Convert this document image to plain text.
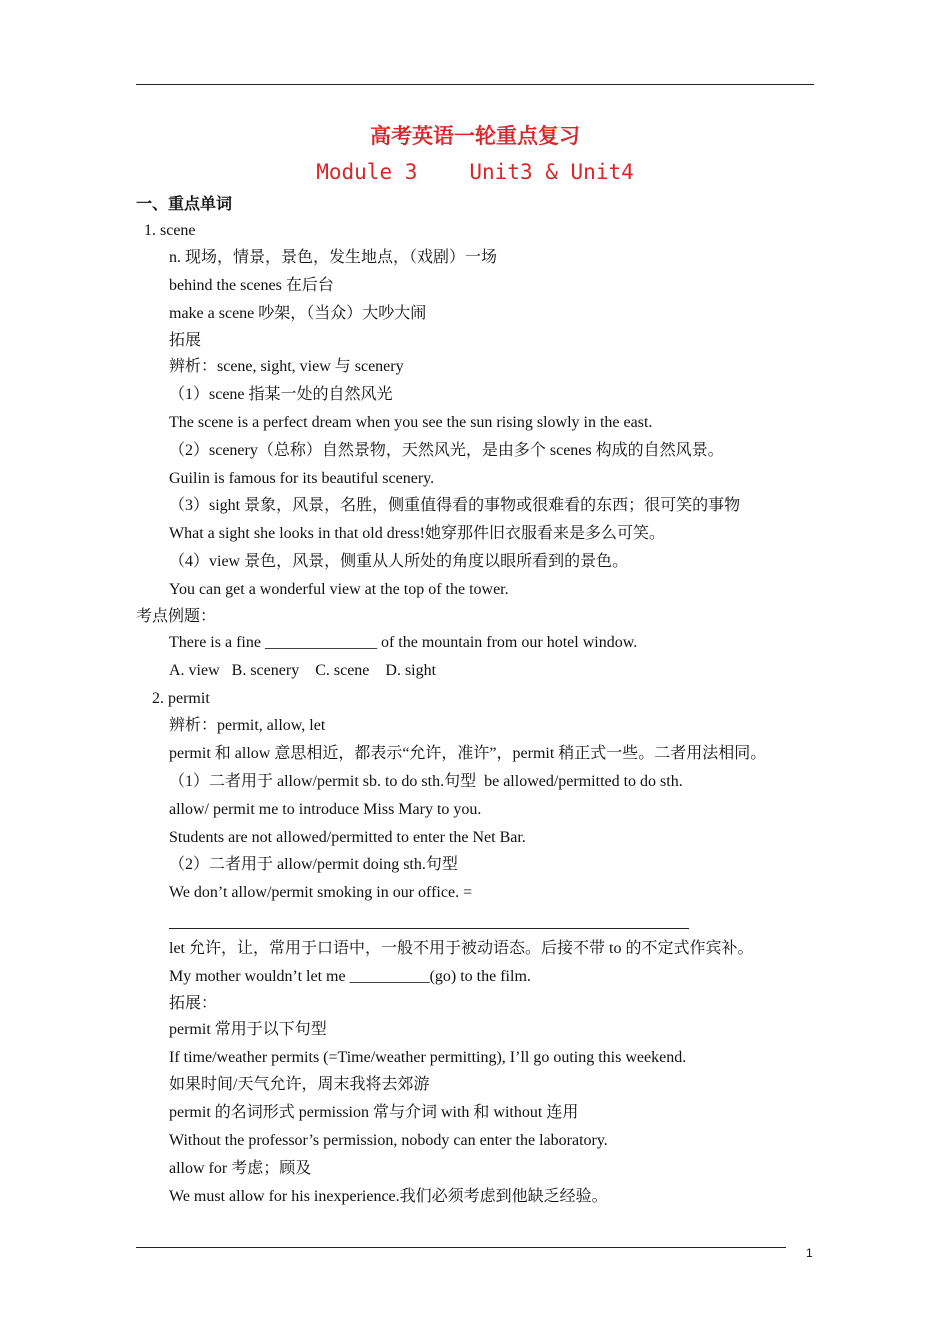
高考英语一轮重点复习
Module 3 Unit3 & Unit4
一、重点单词
1. scene
n. 现场，情景，景色，发生地点，（戏剧）一场
behind the scenes 在后台
make a scene 吵架，（当众）大吵大闹
拓展
辨析：scene, sight, view 与 scenery
（1）scene 指某一处的自然风光
The scene is a perfect dream when you see the sun rising slowly in the east.
（2）scenery（总称）自然景物，天然风光，是由多个 scenes 构成的自然风景。
Guilin is famous for its beautiful scenery.
（3）sight 景象，风景，名胜，侧重值得看的事物或很难看的东西；很可笑的事物
What a sight she looks in that old dress!她穿那件旧衣服看来是多么可笑。
（4）view 景色，风景，侧重从人所处的角度以眼所看到的景色。
You can get a wonderful view at the top of the tower.
考点例题：
There is a fine ______________ of the mountain from our hotel window.
A. view   B. scenery    C. scene    D. sight
2. permit
辨析：permit, allow, let
permit 和 allow 意思相近，都表示“允许，准许”，permit 稍正式一些。二者用法相同。
（1）二者用于 allow/permit sb. to do sth.句型  be allowed/permitted to do sth.
allow/ permit me to introduce Miss Mary to you.
Students are not allowed/permitted to enter the Net Bar.
（2）二者用于 allow/permit doing sth.句型
We don’t allow/permit smoking in our office. =
let 允许，让，常用于口语中，一般不用于被动语态。后接不带 to 的不定式作宾补。
My mother wouldn’t let me __________(go) to the film.
拓展：
permit 常用于以下句型
If time/weather permits (=Time/weather permitting), I’ll go outing this weekend.
如果时间/天气允许，周末我将去郊游
permit 的名词形式 permission 常与介词 with 和 without 连用
Without the professor’s permission, nobody can enter the laboratory.
allow for 考虑；顾及
We must allow for his inexperience.我们必须考虑到他缺乏经验。
1
